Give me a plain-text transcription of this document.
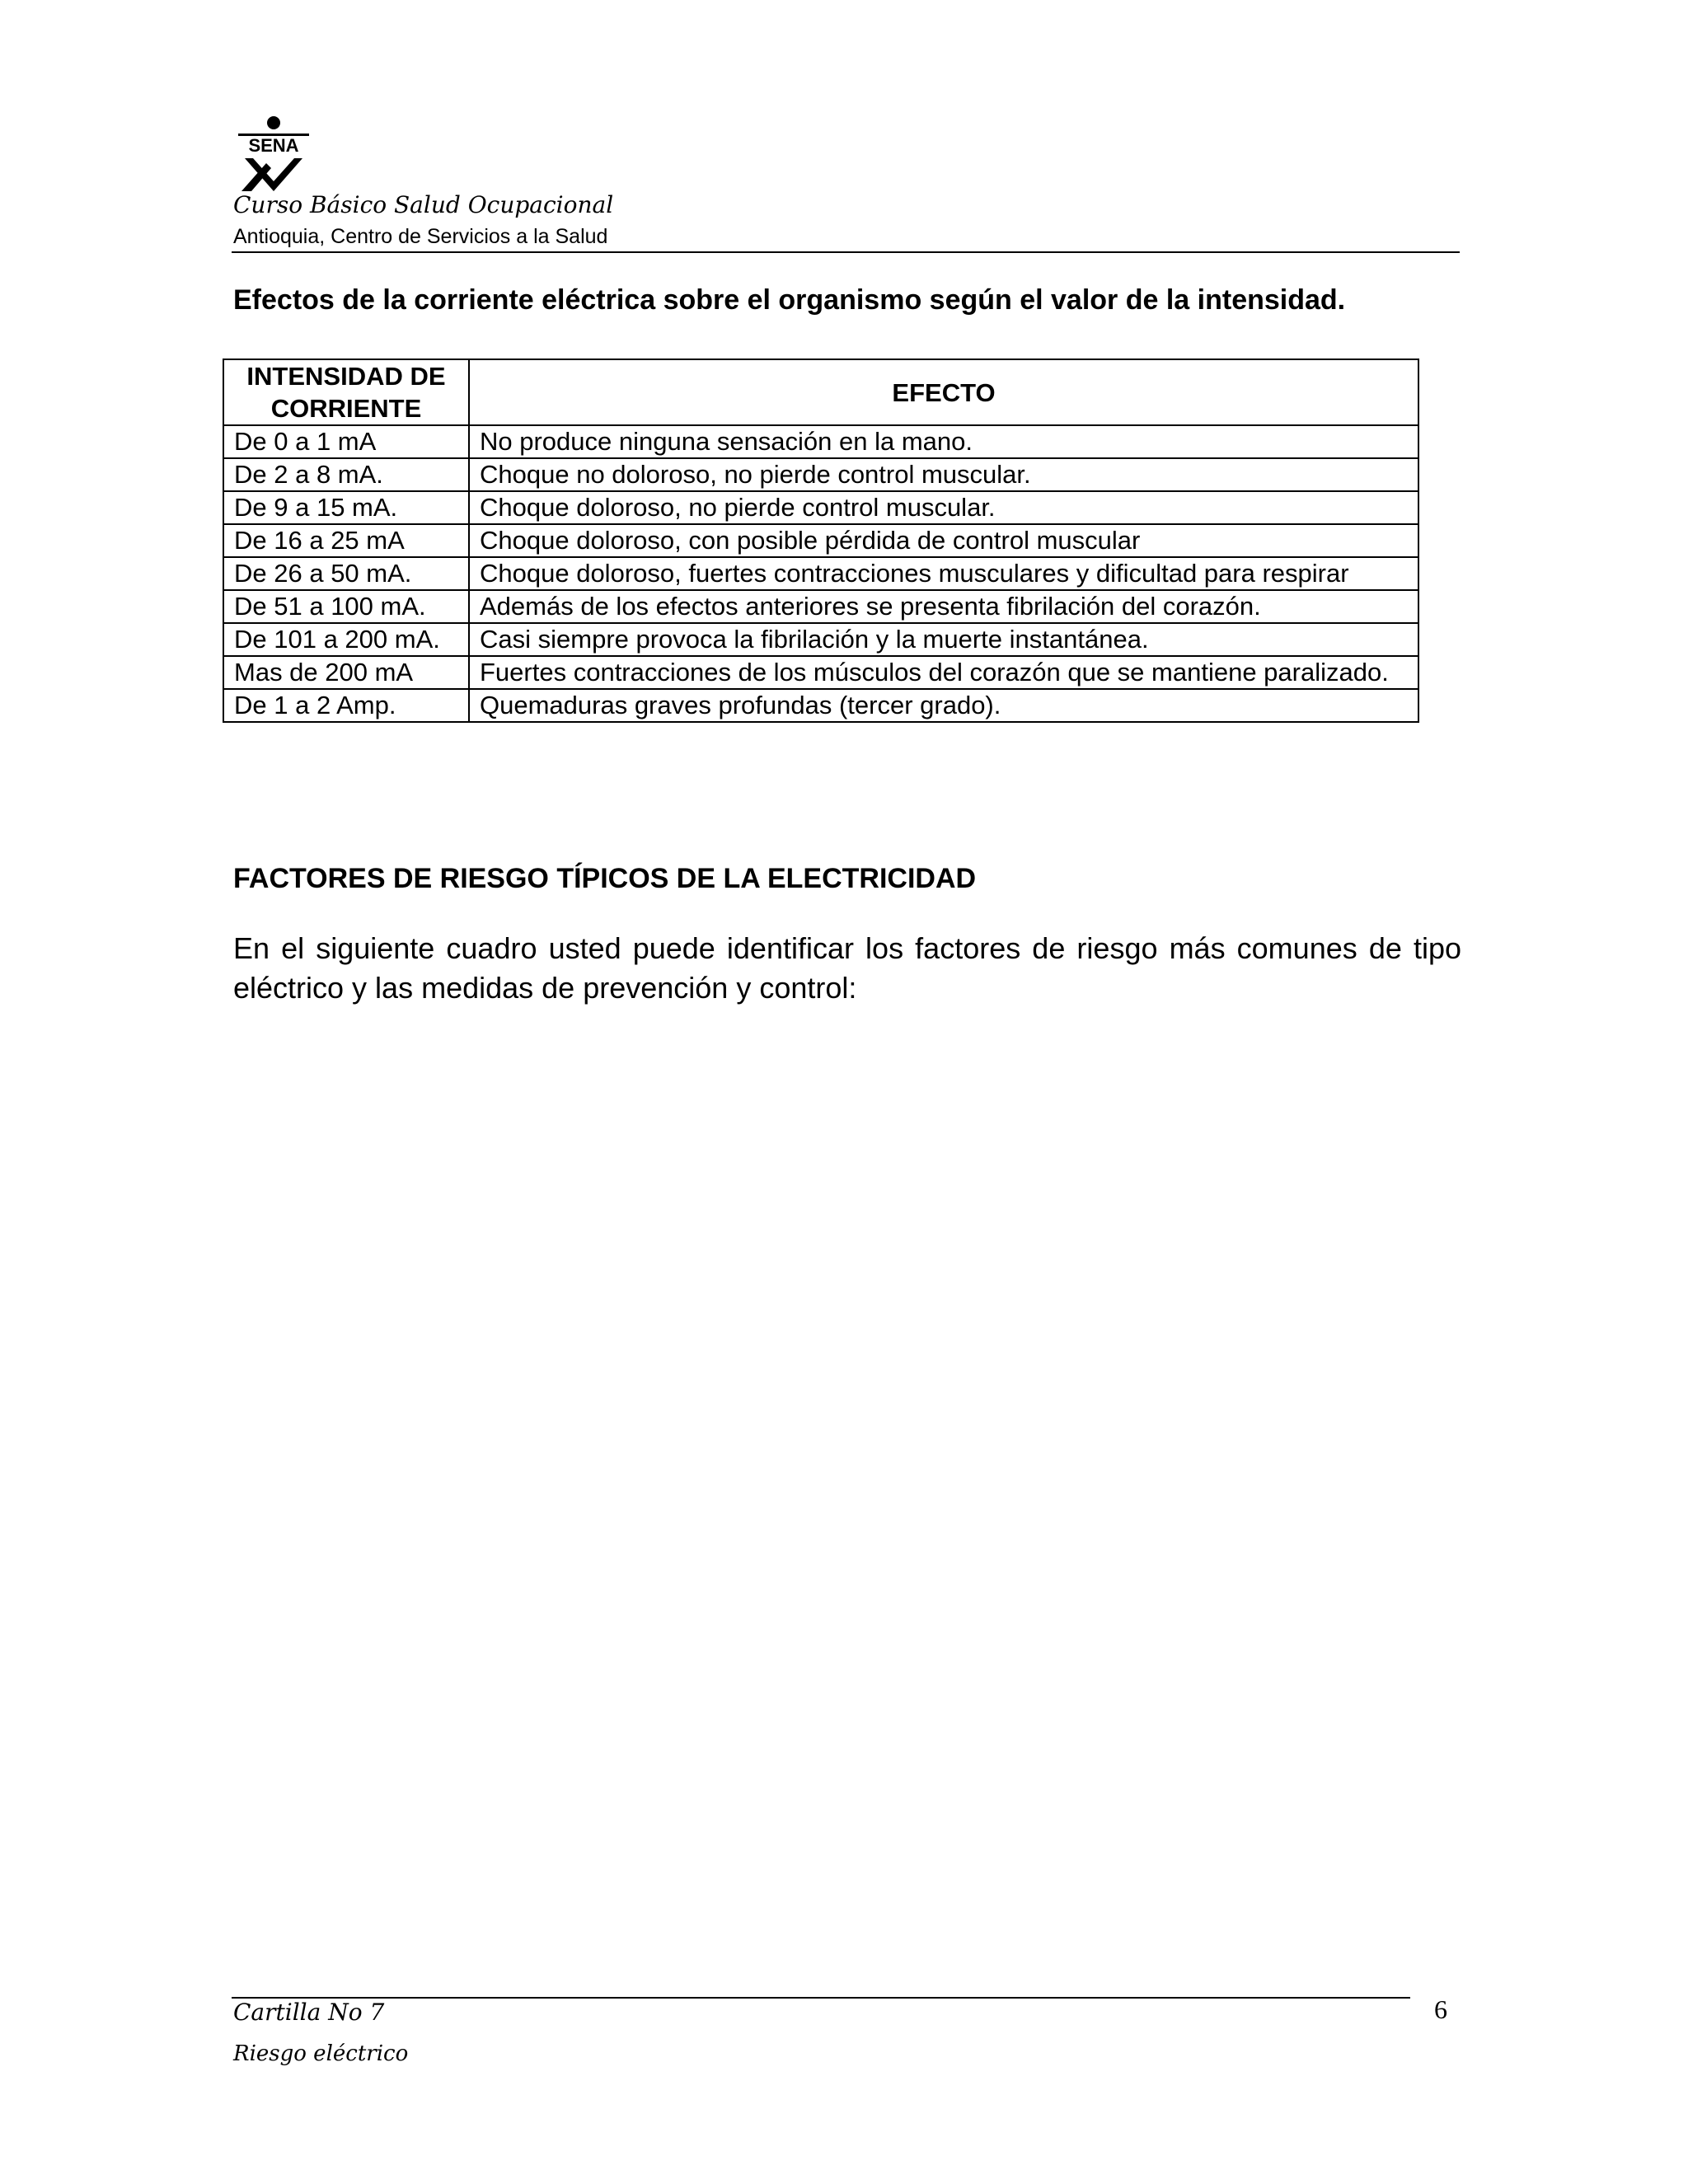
SENA
Curso Básico Salud Ocupacional
Antioquia, Centro de Servicios a la Salud
Efectos de la corriente eléctrica sobre el organismo según el valor de la intensidad.
INTENSIDAD DE CORRIENTE	EFECTO
De 0 a 1 mA	No produce ninguna sensación en la mano.
De 2 a 8 mA.	Choque no doloroso, no pierde control muscular.
De 9 a 15 mA.	Choque doloroso, no pierde control muscular.
De 16 a 25 mA	Choque doloroso, con posible pérdida de control muscular
De 26 a 50 mA.	Choque doloroso, fuertes contracciones musculares y dificultad para respirar
De 51 a 100 mA.	Además de los efectos anteriores se presenta fibrilación del corazón.
De 101 a 200 mA.	Casi siempre provoca la fibrilación y la muerte instantánea.
Mas de 200 mA	Fuertes contracciones de los músculos del corazón que se mantiene paralizado.
De 1 a 2 Amp.	Quemaduras graves profundas (tercer grado).
FACTORES DE RIESGO TÍPICOS DE LA ELECTRICIDAD
En el siguiente cuadro usted puede identificar los factores de riesgo más comunes de tipo eléctrico y las medidas de prevención y control:
Cartilla No 7
Riesgo eléctrico
6
